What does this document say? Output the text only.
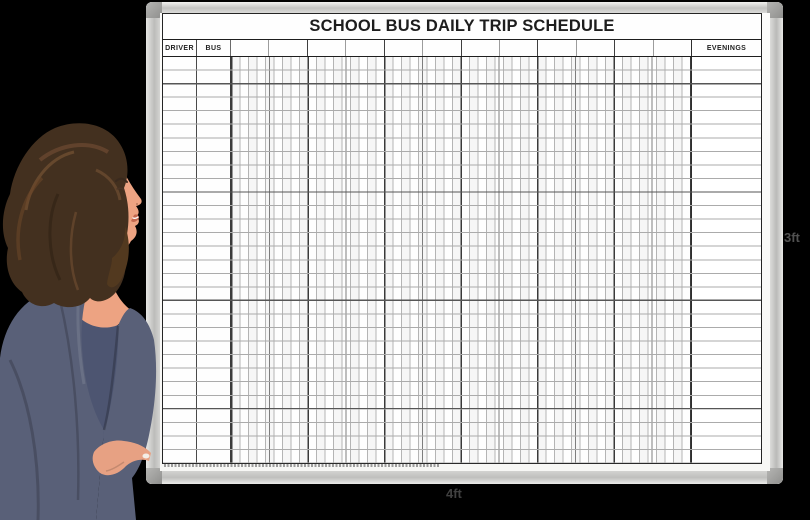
SCHOOL BUS DAILY TRIP SCHEDULE
DRIVER	BUS	EVENINGS
3ft
4ft
